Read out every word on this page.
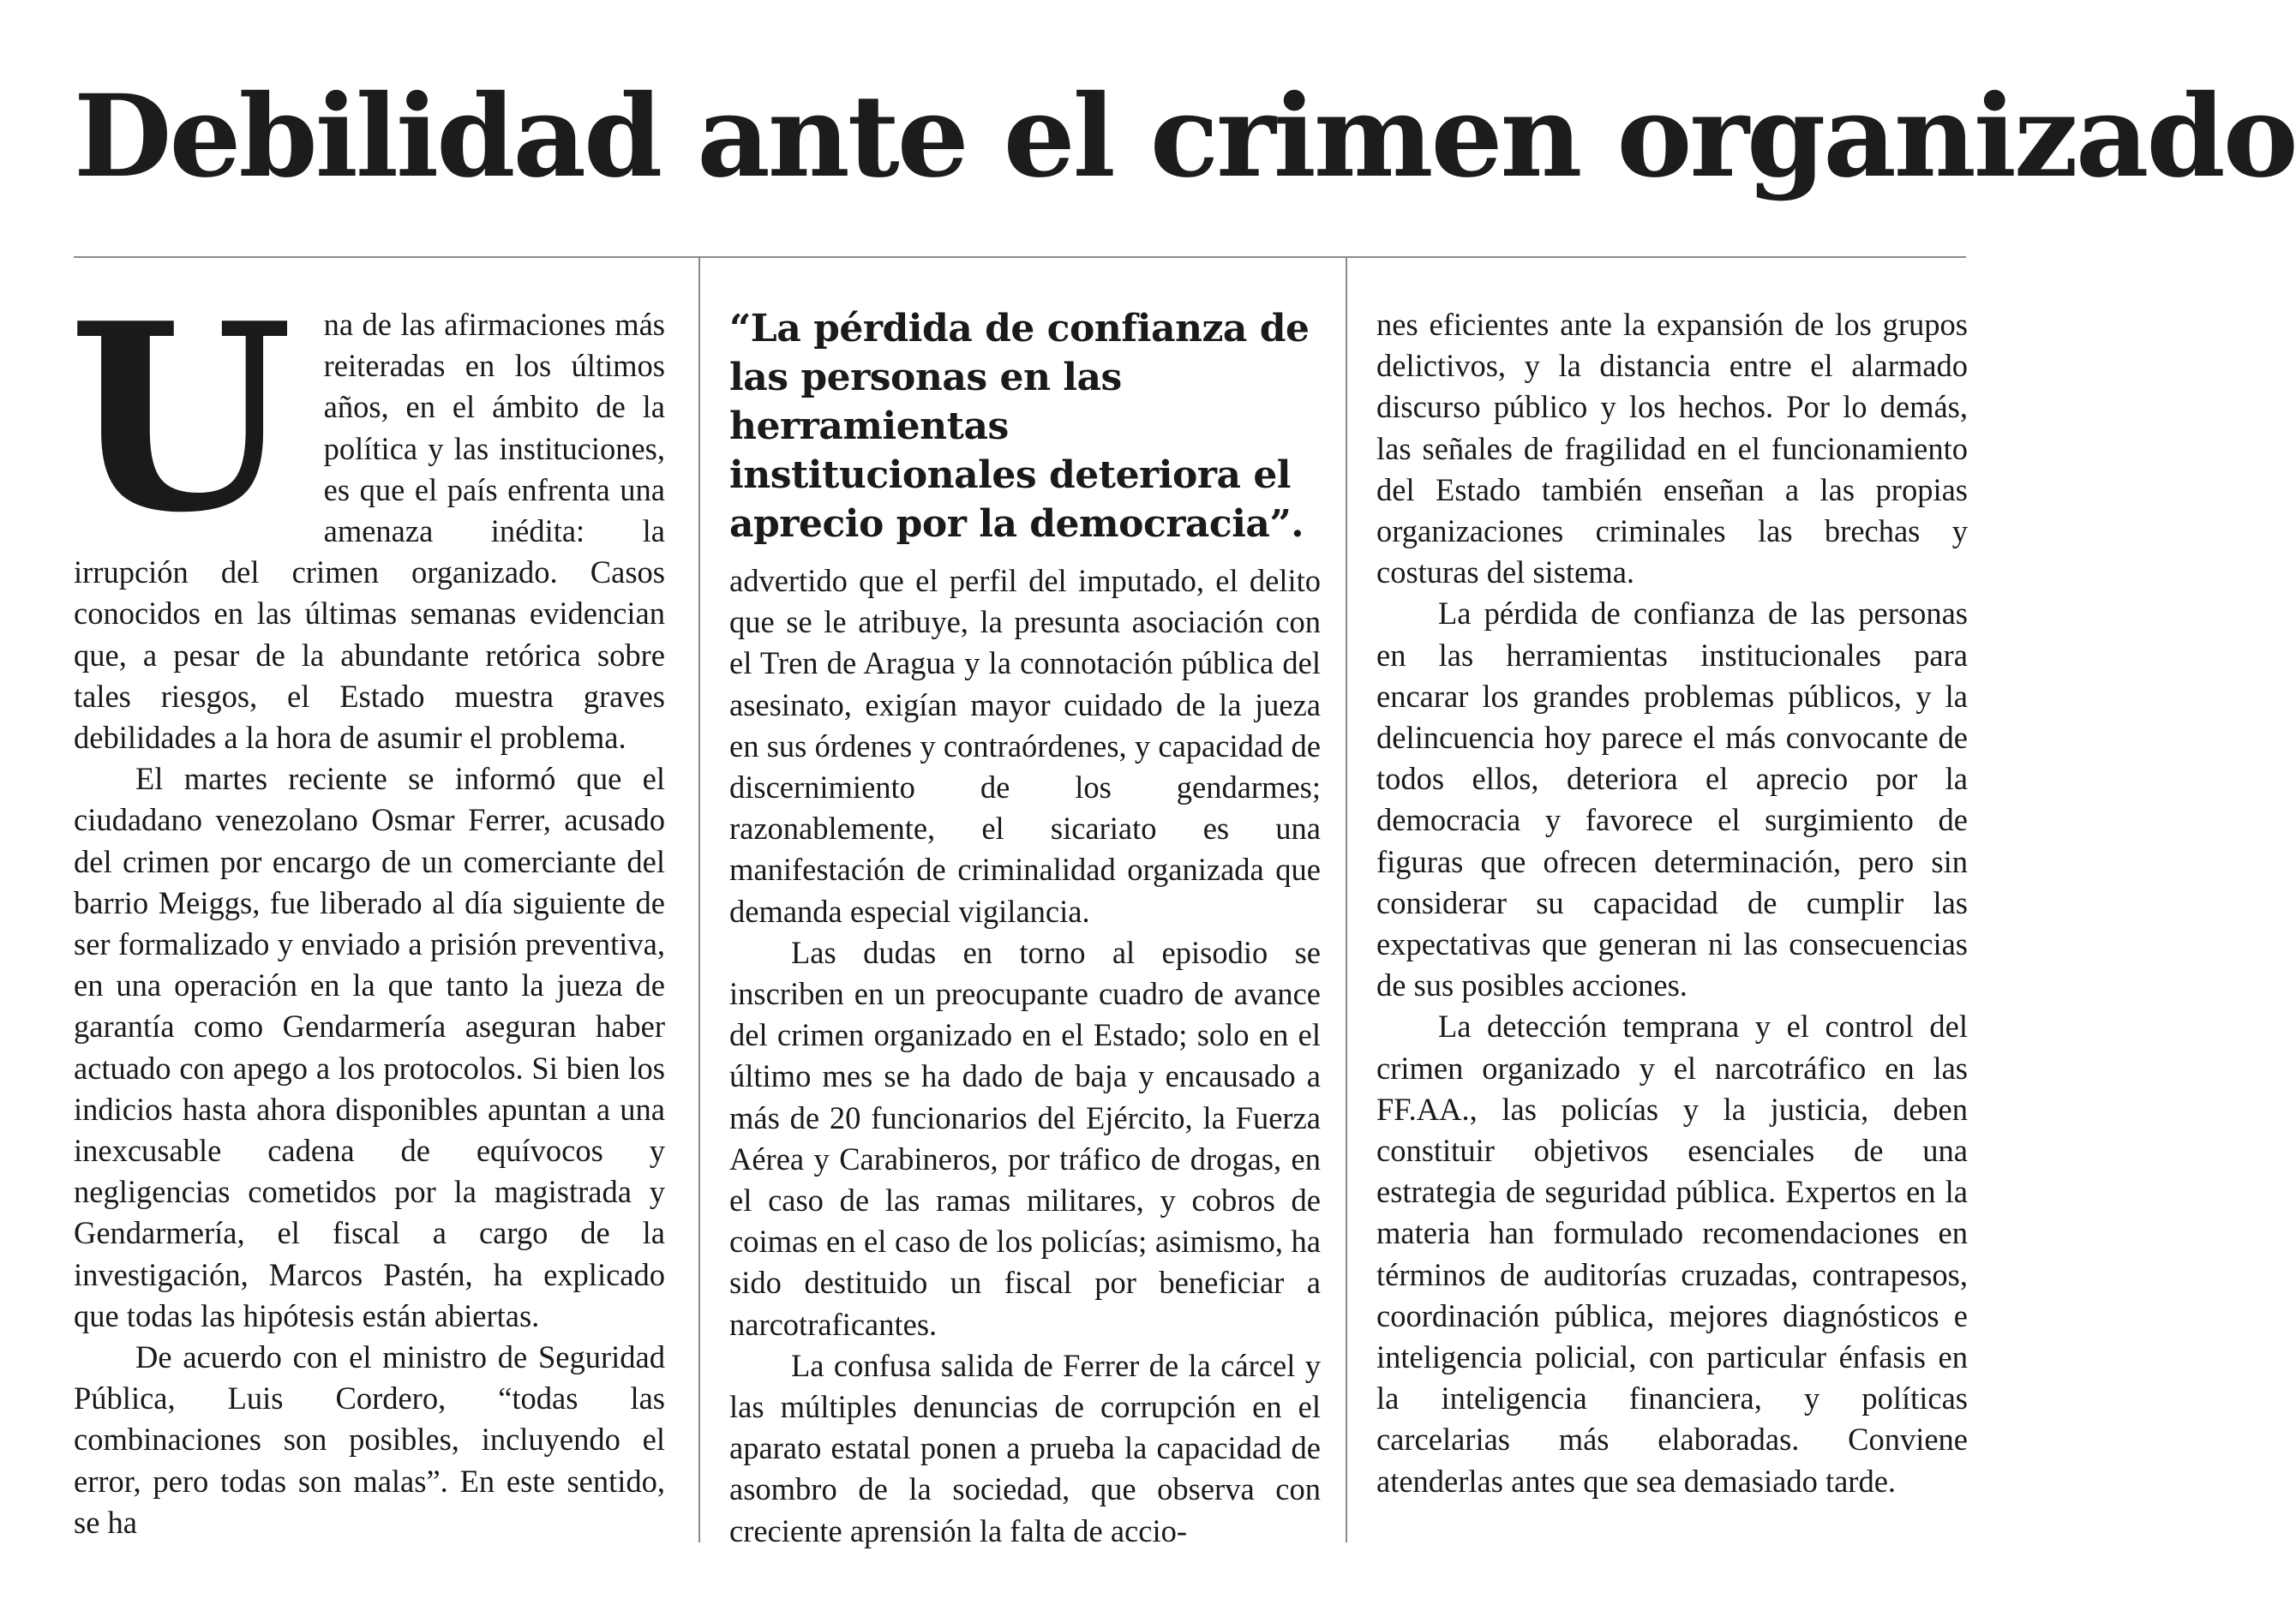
Debilidad ante el crimen organizado
U na de las afirmaciones más reiteradas en los últimos años, en el ámbito de la política y las instituciones, es que el país enfrenta una amenaza inédita: la irrupción del crimen organizado. Casos conocidos en las últimas semanas evidencian que, a pesar de la abundante retórica sobre tales riesgos, el Estado muestra graves debilidades a la hora de asumir el problema.

El martes reciente se informó que el ciudadano venezolano Osmar Ferrer, acusado del crimen por encargo de un comerciante del barrio Meiggs, fue liberado al día siguiente de ser formalizado y enviado a prisión preventiva, en una operación en la que tanto la jueza de garantía como Gendarmería aseguran haber actuado con apego a los protocolos. Si bien los indicios hasta ahora disponibles apuntan a una inexcusable cadena de equívocos y negligencias cometidos por la magistrada y Gendarmería, el fiscal a cargo de la investigación, Marcos Pastén, ha explicado que todas las hipótesis están abiertas.

De acuerdo con el ministro de Seguridad Pública, Luis Cordero, “todas las combinaciones son posibles, incluyendo el error, pero todas son malas”. En este sentido, se ha

“La pérdida de confianza de las personas en las herramientas institucionales deteriora el aprecio por la democracia”.

advertido que el perfil del imputado, el delito que se le atribuye, la presunta asociación con el Tren de Aragua y la connotación pública del asesinato, exigían mayor cuidado de la jueza en sus órdenes y contraórdenes, y capacidad de discernimiento de los gendarmes; razonablemente, el sicariato es una manifestación de criminalidad organizada que demanda especial vigilancia.

Las dudas en torno al episodio se inscriben en un preocupante cuadro de avance del crimen organizado en el Estado; solo en el último mes se ha dado de baja y encausado a más de 20 funcionarios del Ejército, la Fuerza Aérea y Carabineros, por tráfico de drogas, en el caso de las ramas militares, y cobros de coimas en el caso de los policías; asimismo, ha sido destituido un fiscal por beneficiar a narcotraficantes.

La confusa salida de Ferrer de la cárcel y las múltiples denuncias de corrupción en el aparato estatal ponen a prueba la capacidad de asombro de la sociedad, que observa con creciente aprensión la falta de accio-

nes eficientes ante la expansión de los grupos delictivos, y la distancia entre el alarmado discurso público y los hechos. Por lo demás, las señales de fragilidad en el funcionamiento del Estado también enseñan a las propias organizaciones criminales las brechas y costuras del sistema.

La pérdida de confianza de las personas en las herramientas institucionales para encarar los grandes problemas públicos, y la delincuencia hoy parece el más convocante de todos ellos, deteriora el aprecio por la democracia y favorece el surgimiento de figuras que ofrecen determinación, pero sin considerar su capacidad de cumplir las expectativas que generan ni las consecuencias de sus posibles acciones.

La detección temprana y el control del crimen organizado y el narcotráfico en las FF.AA., las policías y la justicia, deben constituir objetivos esenciales de una estrategia de seguridad pública. Expertos en la materia han formulado recomendaciones en términos de auditorías cruzadas, contrapesos, coordinación pública, mejores diagnósticos e inteligencia policial, con particular énfasis en la inteligencia financiera, y políticas carcelarias más elaboradas. Conviene atenderlas antes que sea demasiado tarde.
